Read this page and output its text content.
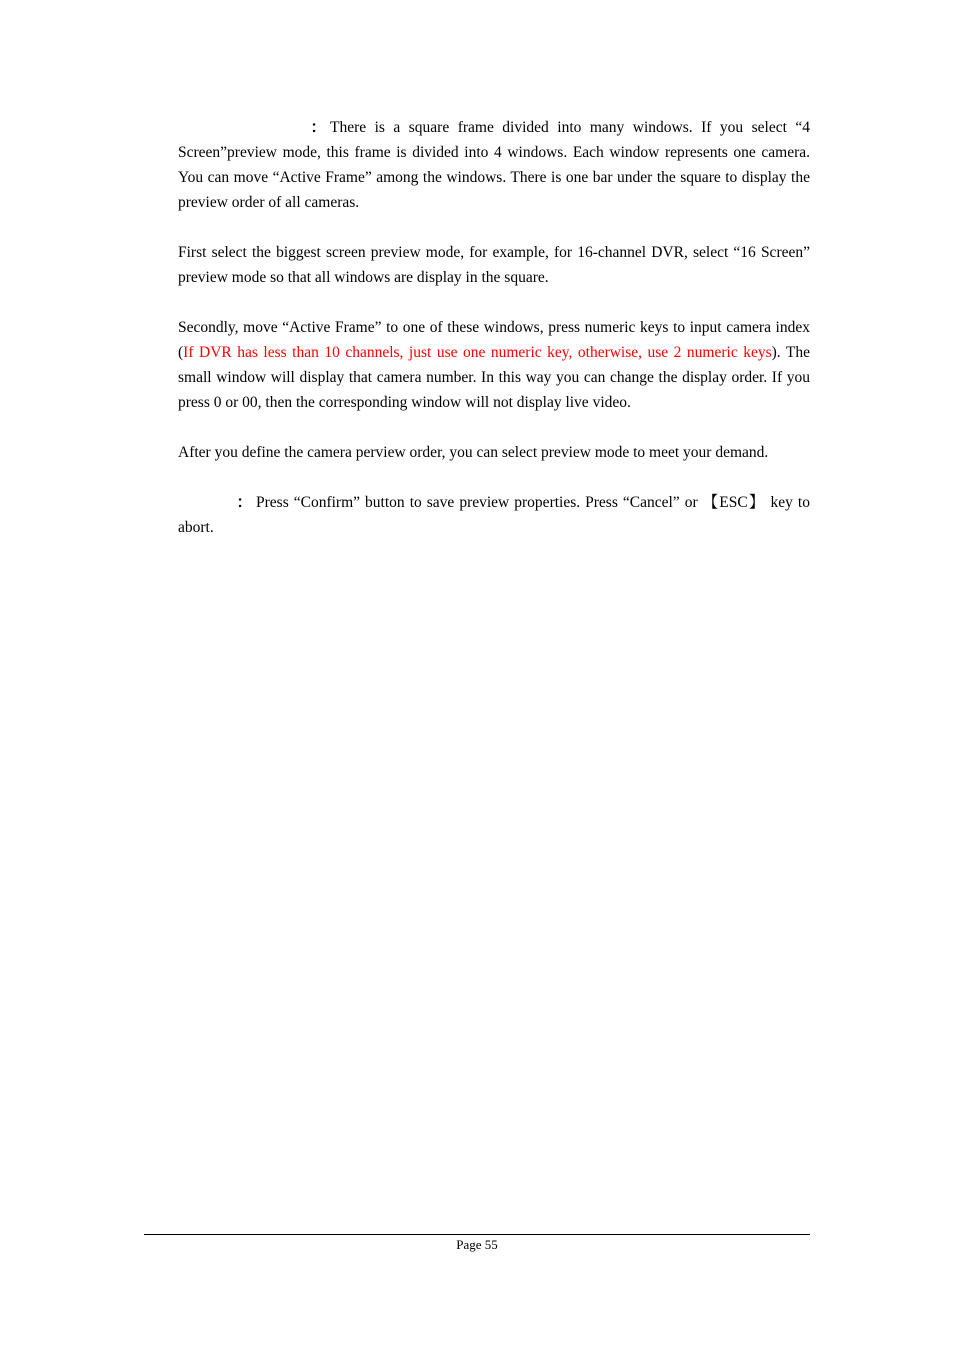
： There is a square frame divided into many windows. If you select “4 Screen”preview mode, this frame is divided into 4 windows. Each window represents one camera. You can move “Active Frame” among the windows. There is one bar under the square to display the preview order of all cameras.

First select the biggest screen preview mode, for example, for 16-channel DVR, select “16 Screen” preview mode so that all windows are display in the square.

Secondly, move “Active Frame” to one of these windows, press numeric keys to input camera index (If DVR has less than 10 channels, just use one numeric key, otherwise, use 2 numeric keys). The small window will display that camera number. In this way you can change the display order. If you press 0 or 00, then the corresponding window will not display live video.

After you define the camera perview order, you can select preview mode to meet your demand.

： Press “Confirm” button to save preview properties. Press “Cancel” or 【ESC】 key to abort.

Page 55
